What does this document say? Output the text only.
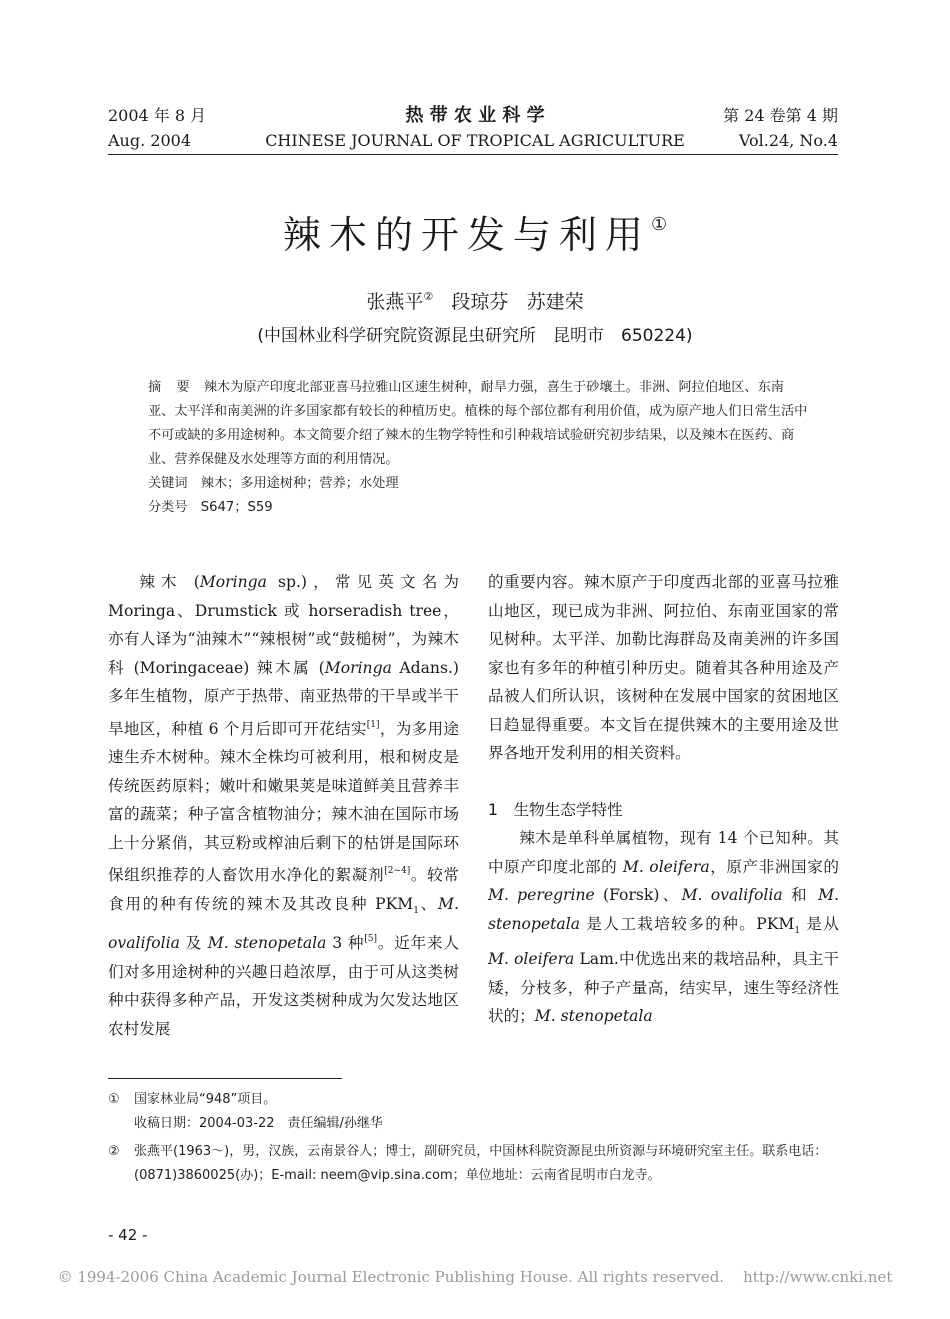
2004 年 8 月
Aug. 2004
热 带 农 业 科 学
CHINESE JOURNAL OF TROPICAL AGRICULTURE
第 24 卷第 4 期
Vol.24, No.4
辣木的开发与利用①
张燕平② 段琼芬 苏建荣
(中国林业科学研究院资源昆虫研究所　昆明市　650224)
摘　要　 辣木为原产印度北部亚喜马拉雅山区速生树种，耐旱力强，喜生于砂壤土。非洲、阿拉伯地区、东南亚、太平洋和南美洲的许多国家都有较长的种植历史。植株的每个部位都有利用价值，成为原产地人们日常生活中不可或缺的多用途树种。本文简要介绍了辣木的生物学特性和引种栽培试验研究初步结果，以及辣木在医药、商业、营养保健及水处理等方面的利用情况。
关键词　 辣木；多用途树种；营养；水处理
分类号　 S647；S59

辣木 (Moringa sp.)，常见英文名为 Moringa、Drumstick 或 horseradish tree，亦有人译为“油辣木”“辣根树”或“鼓槌树”，为辣木科 (Moringaceae) 辣木属 (Moringa Adans.) 多年生植物，原产于热带、南亚热带的干旱或半干旱地区，种植 6 个月后即可开花结实[1]，为多用途速生乔木树种。辣木全株均可被利用，根和树皮是传统医药原料；嫩叶和嫩果荚是味道鲜美且营养丰富的蔬菜；种子富含植物油分；辣木油在国际市场上十分紧俏，其豆粉或榨油后剩下的枯饼是国际环保组织推荐的人畜饮用水净化的絮凝剂[2~4]。较常食用的种有传统的辣木及其改良种 $PKM_1$、M. ovalifolia 及 M. stenopetala 3 种[5]。近年来人们对多用途树种的兴趣日趋浓厚，由于可从这类树种中获得多种产品，开发这类树种成为欠发达地区农村发展

的重要内容。辣木原产于印度西北部的亚喜马拉雅山地区，现已成为非洲、阿拉伯、东南亚国家的常见树种。太平洋、加勒比海群岛及南美洲的许多国家也有多年的种植引种历史。随着其各种用途及产品被人们所认识，该树种在发展中国家的贫困地区日趋显得重要。本文旨在提供辣木的主要用途及世界各地开发利用的相关资料。

1　生物生态学特性

辣木是单科单属植物，现有 14 个已知种。其中原产印度北部的 M. oleifera，原产非洲国家的 M. peregrine (Forsk)、M. ovalifolia 和 M. stenopetala 是人工栽培较多的种。$PKM_1$ 是从 M. oleifera Lam.中优选出来的栽培品种，具主干矮，分枝多，种子产量高，结实早，速生等经济性状的；M. stenopetala

① 国家林业局“948”项目。
收稿日期：2004-03-22　责任编辑/孙继华
②	张燕平(1963～)，男，汉族，云南景谷人；博士，副研究员，中国林科院资源昆虫所资源与环境研究室主任。联系电话：(0871)3860025(办)；E-mail: neem@vip.sina.com；单位地址：云南省昆明市白龙寺。
- 42 -
© 1994-2006 China Academic Journal Electronic Publishing House. All rights reserved.    http://www.cnki.net
